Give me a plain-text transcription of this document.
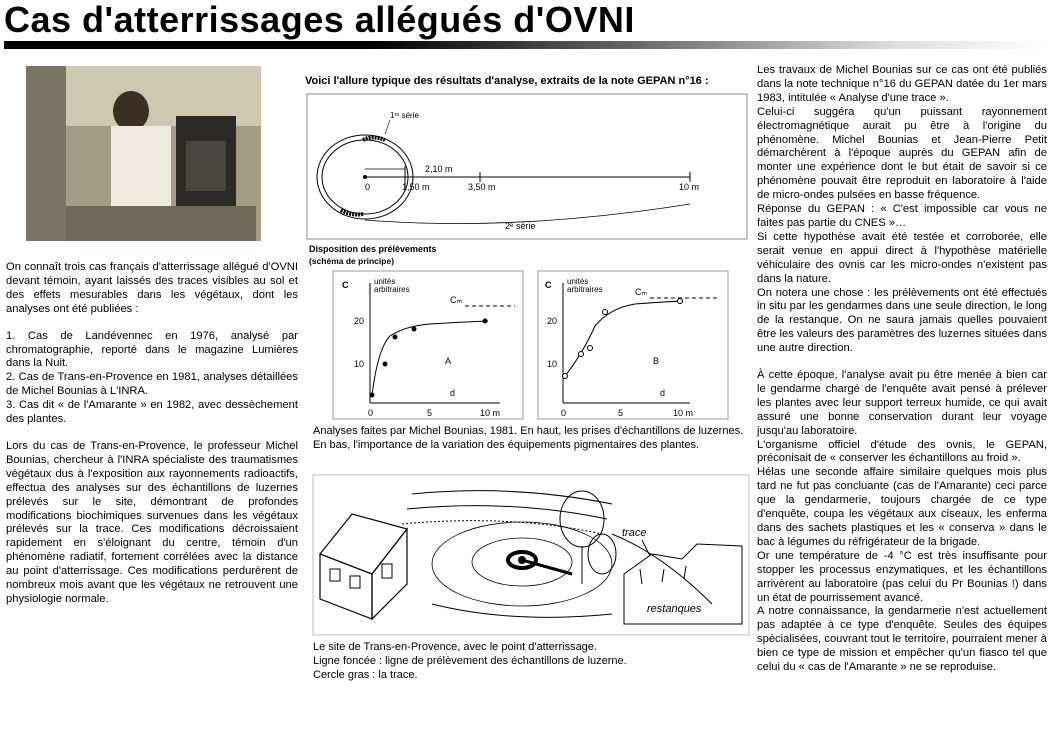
Cas d'atterrissages allégués d'OVNI

On connaît trois cas français d'atterrissage allégué d'OVNI devant témoin, ayant laissés des traces visibles au sol et des effets mesurables dans les végétaux, dont les analyses ont été publiées :

1. Cas de Landévennec en 1976, analysé par chromatographie, reporté dans le magazine Lumières dans la Nuit.

2. Cas de Trans-en-Provence en 1981, analyses détaillées de Michel Bounias à L'INRA.

3. Cas dit « de l'Amarante » en 1982, avec dessèchement des plantes.

Lors du cas de Trans-en-Provence, le professeur Michel Bounias, chercheur à l'INRA spécialiste des traumatismes végétaux dus à l'exposition aux rayonnements radioactifs, effectua des analyses sur des échantillons de luzernes prélevés sur le site, démontrant de profondes modifications biochimiques survenues dans les végétaux prélevés sur la trace. Ces modifications décroissaient rapidement en s'éloignant du centre, témoin d'un phénomène radiatif, fortement corrélées avec la distance au point d'atterrissage. Ces modifications perdurèrent de nombreux mois avant que les végétaux ne retrouvent une physiologie normale.

Voici l'allure typique des résultats d'analyse, extraits de la note GEPAN n°16 :
2,10 m
0	1,50 m	3,50 m	10 m
1ʳᵉ série
2ᵉ série
Disposition des prélèvements
(schéma de principe)
C	unités
arbitraires
Cₘ
20
10
0	5	10 m
d
A
C unités
arbitraires	Cₘ
20
10
0	5	10 m
d
B
Analyses faites par Michel Bounias, 1981. En haut, les prises d'échantillons de luzernes. En bas, l'importance de la variation des équipements pigmentaires des plantes.
trace
restanques

Le site de Trans-en-Provence, avec le point d'atterrissage.

Ligne foncée : ligne de prélèvement des échantillons de luzerne.

Cercle gras : la trace.

Les travaux de Michel Bounias sur ce cas ont été publiés dans la note technique n°16 du GEPAN datée du 1er mars 1983, intitulée « Analyse d'une trace ».

Celui-ci suggéra qu'un puissant rayonnement électromagnétique aurait pu être à l'origine du phénomène. Michel Bounias et Jean-Pierre Petit démarchèrent à l'époque auprès du GEPAN afin de monter une expérience dont le but était de savoir si ce phénomène pouvait être reproduit en laboratoire à l'aide de micro-ondes pulsées en basse fréquence.

Réponse du GEPAN : « C'est impossible car vous ne faites pas partie du CNES »…

Si cette hypothèse avait été testée et corroborée, elle serait venue en appui direct à l'hypothèse matérielle véhiculaire des ovnis car les micro-ondes n'existent pas dans la nature.

On notera une chose : les prélèvements ont été effectués in situ par les gendarmes dans une seule direction, le long de la restanque. On ne saura jamais quelles pouvaient être les valeurs des paramètres des luzernes situées dans une autre direction.

À cette époque, l'analyse avait pu être menée à bien car le gendarme chargé de l'enquête avait pensé à prélever les plantes avec leur support terreux humide, ce qui avait assuré une bonne conservation durant leur voyage jusqu'au laboratoire.

L'organisme officiel d'étude des ovnis, le GEPAN, préconisait de « conserver les échantillons au froid ».

Hélas une seconde affaire similaire quelques mois plus tard ne fut pas concluante (cas de l'Amarante) ceci parce que la gendarmerie, toujours chargée de ce type d'enquête, coupa les végétaux aux ciseaux, les enferma dans des sachets plastiques et les « conserva » dans le bac à légumes du réfrigérateur de la brigade.

Or une température de -4 °C est très insuffisante pour stopper les processus enzymatiques, et les échantillons arrivèrent au laboratoire (pas celui du Pr Bounias !) dans un état de pourrissement avancé.

A notre connaissance, la gendarmerie n'est actuellement pas adaptée à ce type d'enquête. Seules des équipes spécialisées, couvrant tout le territoire, pourraient mener à bien ce type de mission et empêcher qu'un fiasco tel que celui du « cas de l'Amarante » ne se reproduise.
